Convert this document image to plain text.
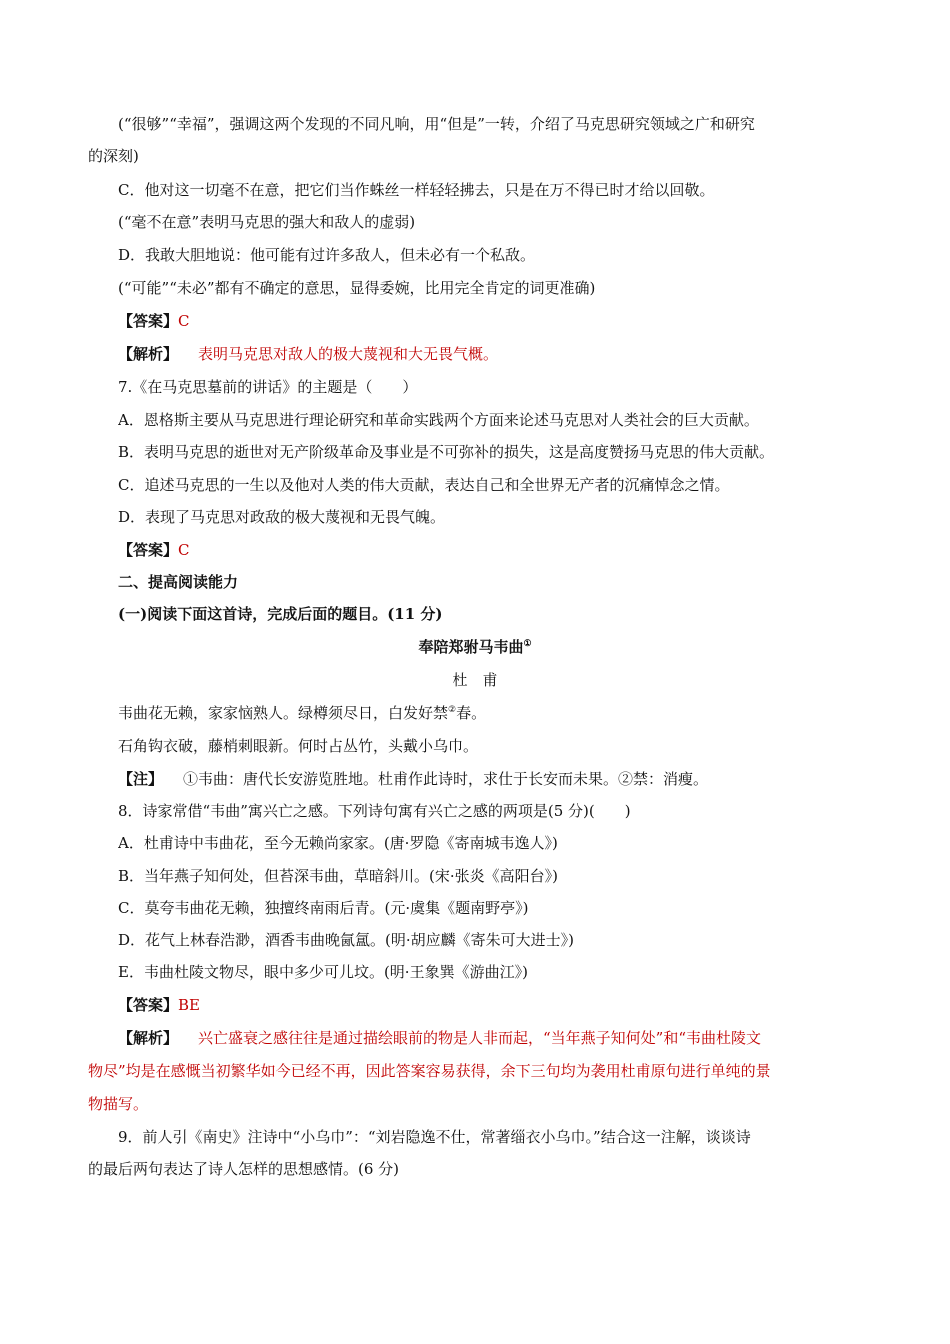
(“很够”“幸福”，强调这两个发现的不同凡响，用“但是”一转，介绍了马克思研究领域之广和研究
的深刻)
C．他对这一切毫不在意，把它们当作蛛丝一样轻轻拂去，只是在万不得已时才给以回敬。
(“毫不在意”表明马克思的强大和敌人的虚弱)
D．我敢大胆地说：他可能有过许多敌人，但未必有一个私敌。
(“可能”“未必”都有不确定的意思，显得委婉，比用完全肯定的词更准确)
【答案】C
【解析】 表明马克思对敌人的极大蔑视和大无畏气概。
7.《在马克思墓前的讲话》的主题是（　　）
A．恩格斯主要从马克思进行理论研究和革命实践两个方面来论述马克思对人类社会的巨大贡献。
B．表明马克思的逝世对无产阶级革命及事业是不可弥补的损失，这是高度赞扬马克思的伟大贡献。
C．追述马克思的一生以及他对人类的伟大贡献，表达自己和全世界无产者的沉痛悼念之情。
D．表现了马克思对政敌的极大蔑视和无畏气魄。
【答案】C
二、提高阅读能力
(一)阅读下面这首诗，完成后面的题目。(11 分)
奉陪郑驸马韦曲①
杜　甫
韦曲花无赖，家家恼熟人。绿樽须尽日，白发好禁②春。
石角钩衣破，藤梢刺眼新。何时占丛竹，头戴小乌巾。
【注】 ①韦曲：唐代长安游览胜地。杜甫作此诗时，求仕于长安而未果。②禁：消瘦。
8．诗家常借“韦曲”寓兴亡之感。下列诗句寓有兴亡之感的两项是(5 分)(　　)
A．杜甫诗中韦曲花，至今无赖尚家家。(唐·罗隐《寄南城韦逸人》)
B．当年燕子知何处，但苔深韦曲，草暗斜川。(宋·张炎《高阳台》)
C．莫夸韦曲花无赖，独擅终南雨后青。(元·虞集《题南野亭》)
D．花气上林春浩渺，酒香韦曲晚氤氲。(明·胡应麟《寄朱可大进士》)
E．韦曲杜陵文物尽，眼中多少可儿坟。(明·王象巽《游曲江》)
【答案】BE
【解析】 兴亡盛衰之感往往是通过描绘眼前的物是人非而起，“当年燕子知何处”和“韦曲杜陵文
物尽”均是在感慨当初繁华如今已经不再，因此答案容易获得，余下三句均为袭用杜甫原句进行单纯的景
物描写。
9．前人引《南史》注诗中“小乌巾”：“刘岩隐逸不仕，常著缁衣小乌巾。”结合这一注解，谈谈诗
的最后两句表达了诗人怎样的思想感情。(6 分)
